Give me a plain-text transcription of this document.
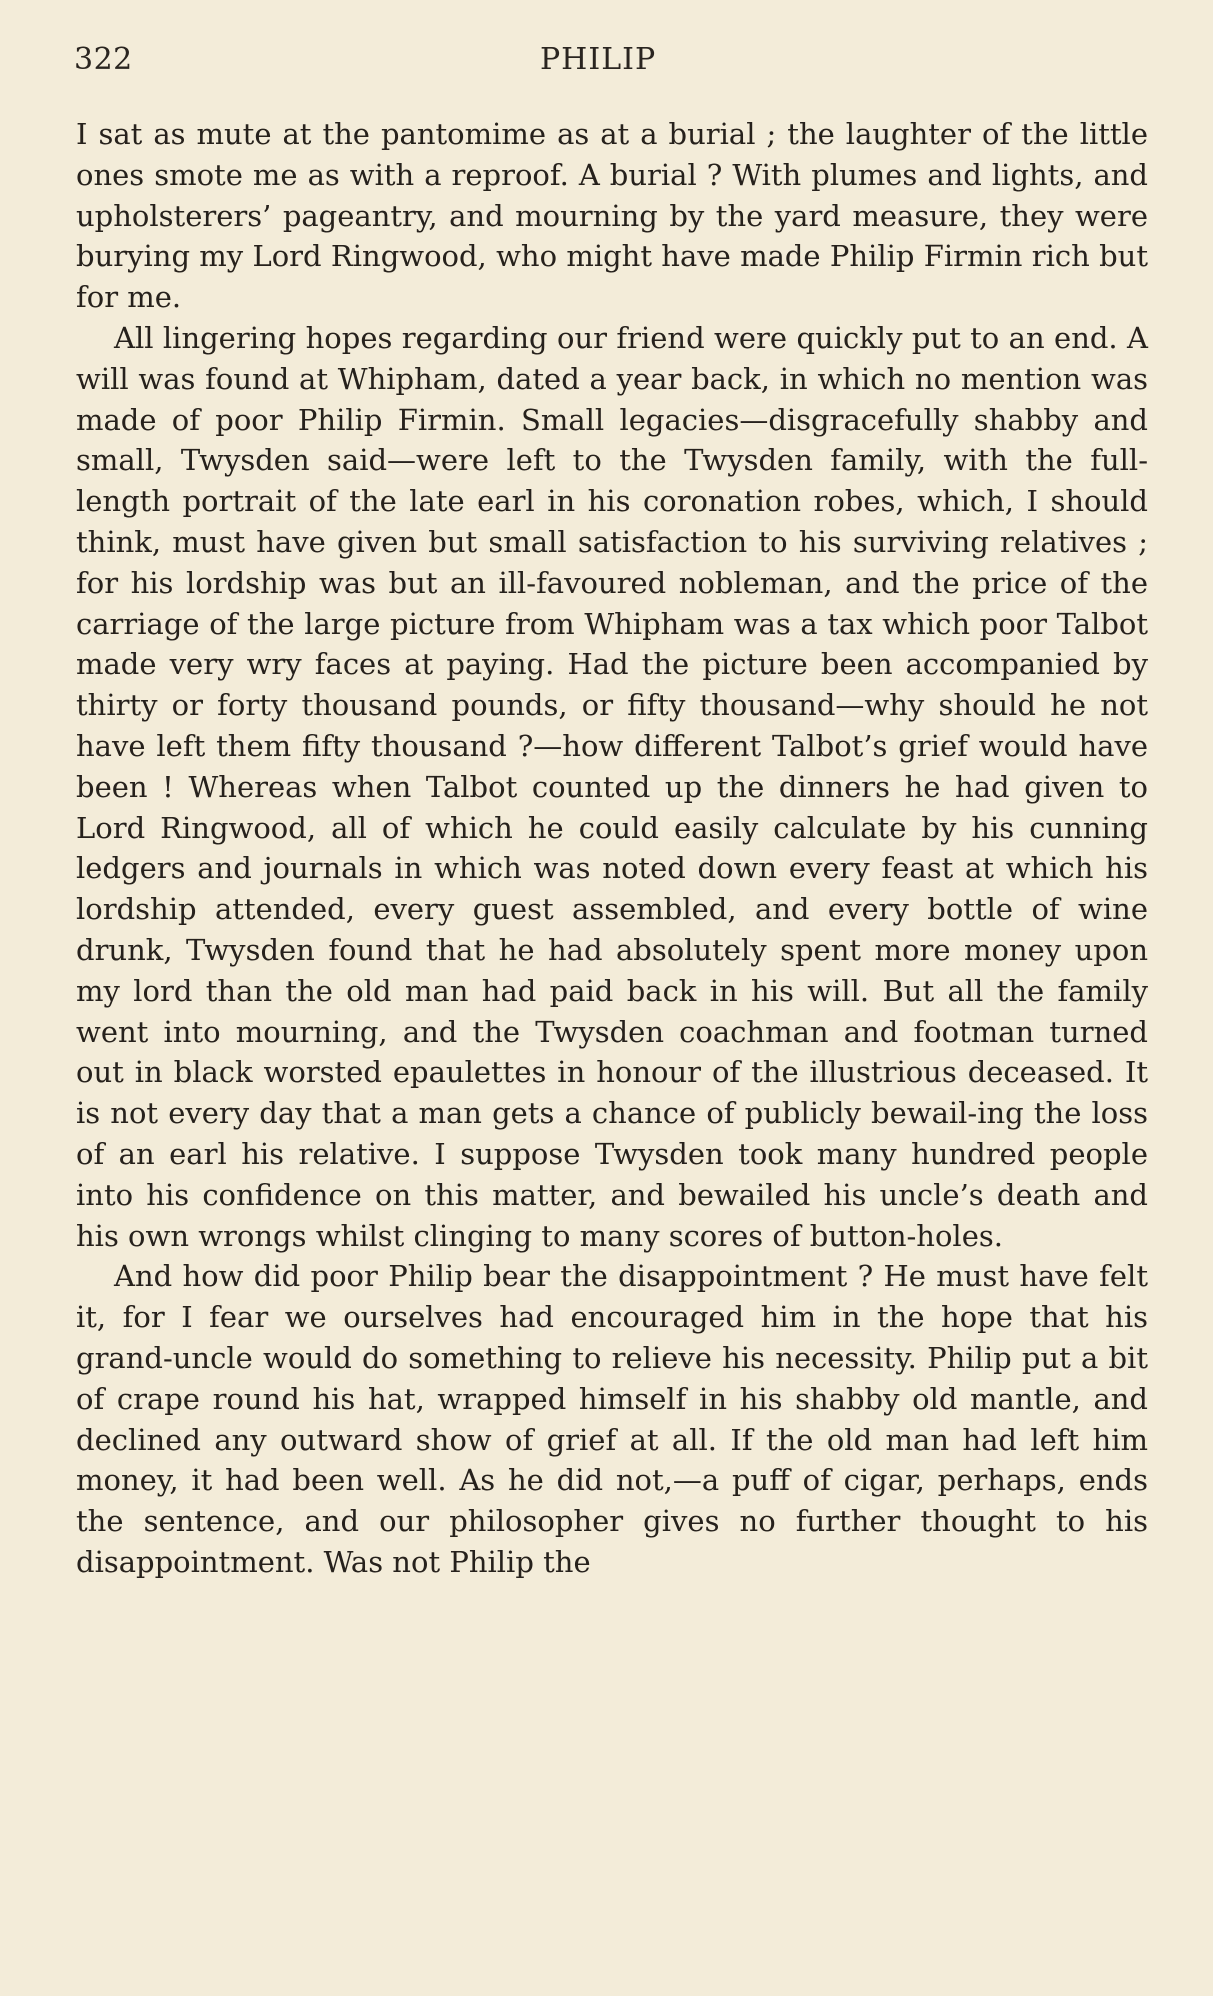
322	PHILIP

I sat as mute at the pantomime as at a burial ; the laughter of the little ones smote me as with a reproof. A burial ? With plumes and lights, and upholsterers’ pageantry, and mourning by the yard measure, they were burying my Lord Ringwood, who might have made Philip Firmin rich but for me.

All lingering hopes regarding our friend were quickly put to an end. A will was found at Whipham, dated a year back, in which no mention was made of poor Philip Firmin. Small legacies—disgracefully shabby and small, Twysden said—were left to the Twysden family, with the full-length portrait of the late earl in his coronation robes, which, I should think, must have given but small satisfaction to his surviving relatives ; for his lordship was but an ill-favoured nobleman, and the price of the carriage of the large picture from Whipham was a tax which poor Talbot made very wry faces at paying. Had the picture been accompanied by thirty or forty thousand pounds, or fifty thousand—why should he not have left them fifty thousand ?—how different Talbot’s grief would have been ! Whereas when Talbot counted up the dinners he had given to Lord Ringwood, all of which he could easily calculate by his cunning ledgers and journals in which was noted down every feast at which his lordship attended, every guest assembled, and every bottle of wine drunk, Twysden found that he had absolutely spent more money upon my lord than the old man had paid back in his will. But all the family went into mourning, and the Twysden coachman and footman turned out in black worsted epaulettes in honour of the illustrious deceased. It is not every day that a man gets a chance of publicly bewail-ing the loss of an earl his relative. I suppose Twysden took many hundred people into his confidence on this matter, and bewailed his uncle’s death and his own wrongs whilst clinging to many scores of button-holes.

And how did poor Philip bear the disappointment ? He must have felt it, for I fear we ourselves had encouraged him in the hope that his grand-uncle would do something to relieve his necessity. Philip put a bit of crape round his hat, wrapped himself in his shabby old mantle, and declined any outward show of grief at all. If the old man had left him money, it had been well. As he did not,—a puff of cigar, perhaps, ends the sentence, and our philosopher gives no further thought to his disappointment. Was not Philip the
